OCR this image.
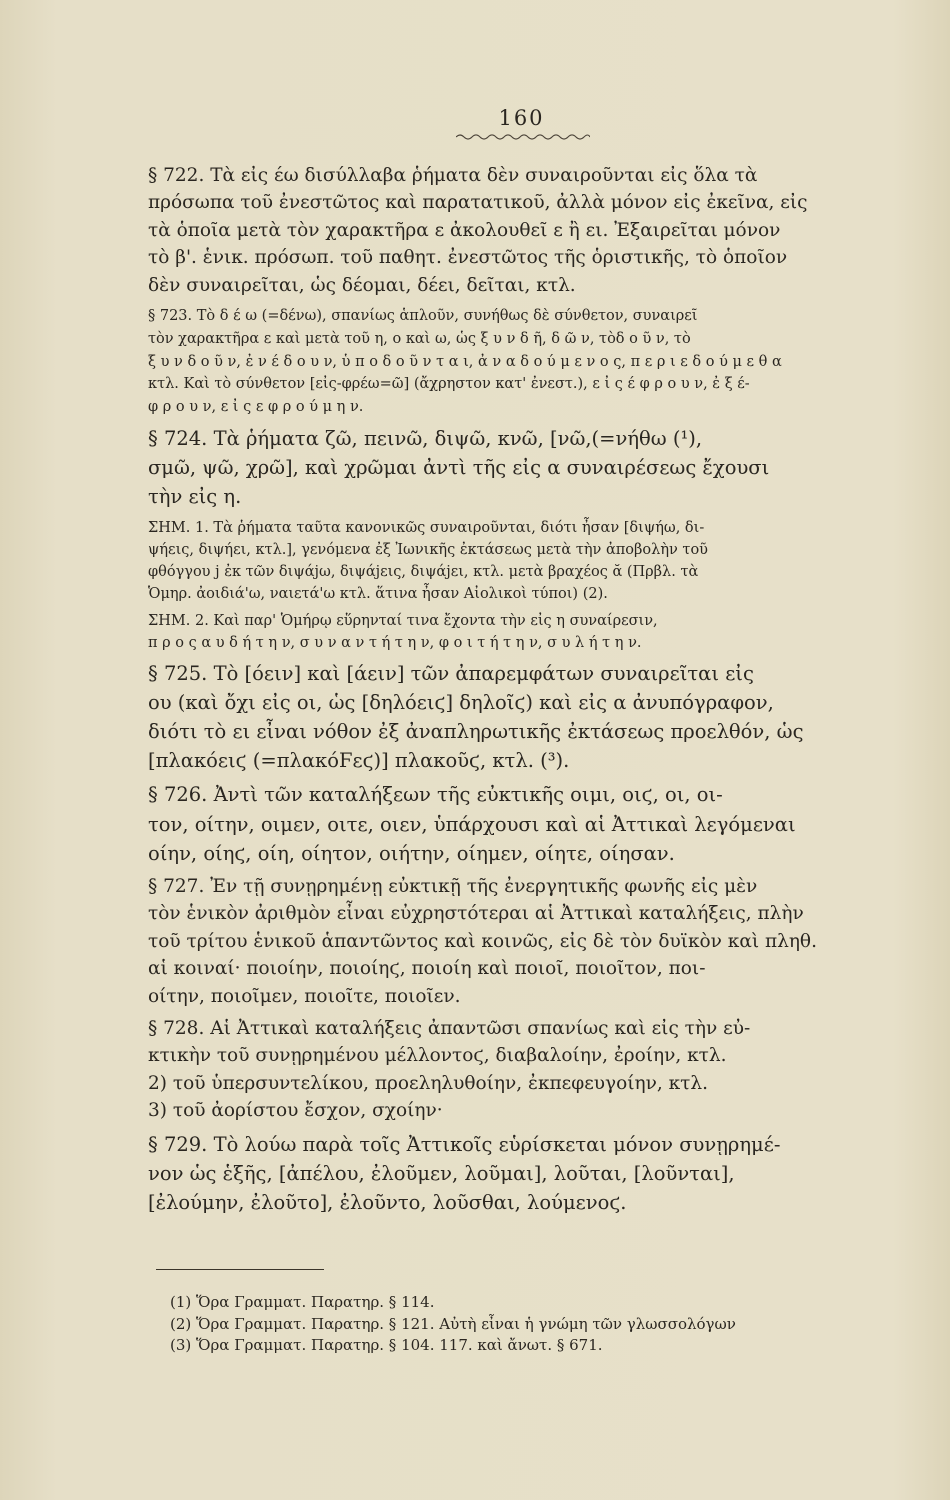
160
§ 722. Τὰ εἰς έω δισύλλαβα ῥήματα δὲν συναιροῦνται εἰς ὅλα τὰ
πρόσωπα τοῦ ἐνεστῶτος καὶ παρατατικοῦ, ἀλλὰ μόνον εἰς ἐκεῖνα, εἰς
τὰ ὁποῖα μετὰ τὸν χαρακτῆρα ε ἀκολουθεῖ ε ἢ ει. Ἐξαιρεῖται μόνον
τὸ β'. ἑνικ. πρόσωπ. τοῦ παθητ. ἐνεστῶτος τῆς ὁριστικῆς, τὸ ὁποῖον
δὲν συναιρεῖται, ὡς δέομαι, δέει, δεῖται, κτλ.
§ 723. Τὸ δ έ ω (=δένω), σπανίως ἁπλοῦν, συνήθως δὲ σύνθετον, συναιρεῖ
τὸν χαρακτῆρα ε καὶ μετὰ τοῦ η, ο καὶ ω, ὡς ξ υ ν δ ῆ, δ ῶ ν, τὸδ ο ῦ ν, τὸ
ξ υ ν δ ο ῦ ν, ἐ ν έ δ ο υ ν, ὑ π ο δ ο ῦ ν τ α ι, ἀ ν α δ ο ύ μ ε ν ο ς, π ε ρ ι ε δ ο ύ μ ε θ α
κτλ. Καὶ τὸ σύνθετον [εἰς-φρέω=ῶ] (ἄχρηστον κατ' ἐνεστ.), ε ἰ ς έ φ ρ ο υ ν, ἐ ξ έ-
φ ρ ο υ ν, ε ἰ ς ε φ ρ ο ύ μ η ν.
§ 724. Τὰ ῥήματα ζῶ, πεινῶ, διψῶ, κνῶ, [νῶ,(=νήθω (¹),
σμῶ, ψῶ, χρῶ], καὶ χρῶμαι ἀντὶ τῆς εἰς α συναιρέσεως ἔχουσι
τὴν εἰς η.
ΣΗΜ. 1. Τὰ ῥήματα ταῦτα κανονικῶς συναιροῦνται, διότι ἦσαν [διψήω, δι-
ψήεις, διψήει, κτλ.], γενόμενα ἐξ Ἰωνικῆς ἐκτάσεως μετὰ τὴν ἀποβολὴν τοῦ
φθόγγου j ἐκ τῶν διψάjω, διψάjεις, διψάjει, κτλ. μετὰ βραχέος ᾰ (Πρβλ. τὰ
Ὁμηρ. ἀοιδιά'ω, ναιετά'ω κτλ. ἅτινα ἦσαν Αἰολικοὶ τύποι) (2).
ΣΗΜ. 2. Καὶ παρ' Ὁμήρῳ εὕρηνταί τινα ἔχοντα τὴν εἰς η συναίρεσιν,
π ρ ο ς α υ δ ή τ η ν, σ υ ν α ν τ ή τ η ν, φ ο ι τ ή τ η ν, σ υ λ ή τ η ν.
§ 725. Τὸ [όειν] καὶ [άειν] τῶν ἀπαρεμφάτων συναιρεῖται εἰς
ου (καὶ ὄχι εἰς οι, ὡς [δηλόειϛ] δηλοῖϛ) καὶ εἰς α ἀνυπόγραφον,
διότι τὸ ει εἶναι νόθον ἐξ ἀναπληρωτικῆς ἐκτάσεως προελθόν, ὡς
[πλακόειϛ (=πλακόϜεϛ)] πλακοῦϛ, κτλ. (³).
§ 726. Ἀντὶ τῶν καταλήξεων τῆς εὐκτικῆς οιμι, οιϛ, οι, οι-
τον, οίτην, οιμεν, οιτε, οιεν, ὑπάρχουσι καὶ αἱ Ἀττικαὶ λεγόμεναι
οίην, οίηϛ, οίη, οίητον, οιήτην, οίημεν, οίητε, οίησαν.
§ 727. Ἐν τῇ συνῃρημένῃ εὐκτικῇ τῆς ἐνεργητικῆς φωνῆς εἰς μὲν
τὸν ἑνικὸν ἀριθμὸν εἶναι εὐχρηστότεραι αἱ Ἀττικαὶ καταλήξεις, πλὴν
τοῦ τρίτου ἑνικοῦ ἁπαντῶντος καὶ κοινῶς, εἰς δὲ τὸν δυϊκὸν καὶ πληθ.
αἱ κοιναί· ποιοίην, ποιοίηϛ, ποιοίη καὶ ποιοῖ, ποιοῖτον, ποι-
οίτην, ποιοῖμεν, ποιοῖτε, ποιοῖεν.
§ 728. Αἱ Ἀττικαὶ καταλήξεις ἀπαντῶσι σπανίως καὶ εἰς τὴν εὐ-
κτικὴν τοῦ συνῃρημένου μέλλοντοϛ, διαβαλοίην, ἐροίην, κτλ.
2) τοῦ ὑπερσυντελίκου, προεληλυθοίην, ἐκπεφευγοίην, κτλ.
3) τοῦ ἀορίστου ἔσχον, σχοίην·
§ 729. Τὸ λούω παρὰ τοῖς Ἀττικοῖς εὑρίσκεται μόνον συνῃρημέ-
νον ὡς ἑξῆς, [ἀπέλου, ἐλοῦμεν, λοῦμαι], λοῦται, [λοῦνται],
[ἐλούμην, ἐλοῦτο], ἐλοῦντο, λοῦσθαι, λούμενοϛ.
(1) Ὅρα Γραμματ. Παρατηρ. § 114.
(2) Ὅρα Γραμματ. Παρατηρ. § 121. Αὐτὴ εἶναι ἡ γνώμη τῶν γλωσσολόγων
(3) Ὅρα Γραμματ. Παρατηρ. § 104. 117. καὶ ἄνωτ. § 671.
